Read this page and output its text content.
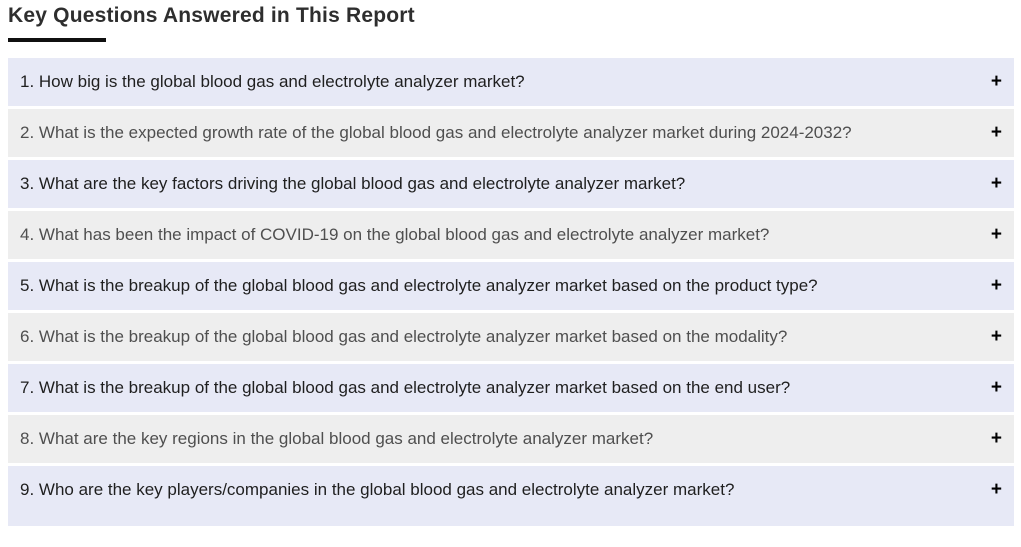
Key Questions Answered in This Report
1. How big is the global blood gas and electrolyte analyzer market?	+
2. What is the expected growth rate of the global blood gas and electrolyte analyzer market during 2024-2032?	+
3. What are the key factors driving the global blood gas and electrolyte analyzer market?	+
4. What has been the impact of COVID-19 on the global blood gas and electrolyte analyzer market?	+
5. What is the breakup of the global blood gas and electrolyte analyzer market based on the product type?	+
6. What is the breakup of the global blood gas and electrolyte analyzer market based on the modality?	+
7. What is the breakup of the global blood gas and electrolyte analyzer market based on the end user?	+
8. What are the key regions in the global blood gas and electrolyte analyzer market?	+
9. Who are the key players/companies in the global blood gas and electrolyte analyzer market?	+
